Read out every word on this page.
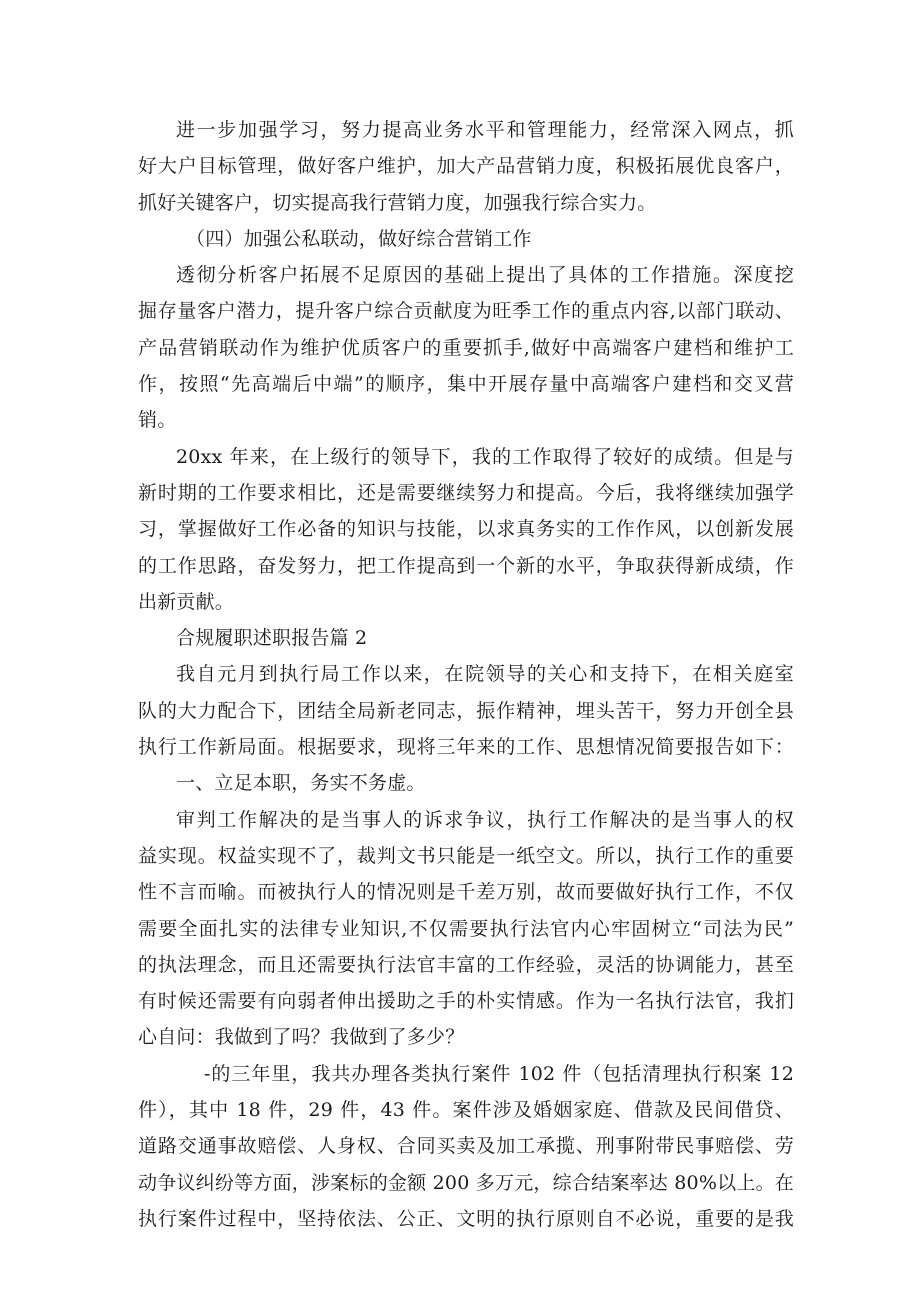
进一步加强学习，努力提高业务水平和管理能力，经常深入网点，抓
好大户目标管理，做好客户维护，加大产品营销力度，积极拓展优良客户，
抓好关键客户，切实提高我行营销力度，加强我行综合实力。
（四）加强公私联动，做好综合营销工作
透彻分析客户拓展不足原因的基础上提出了具体的工作措施。深度挖
掘存量客户潜力，提升客户综合贡献度为旺季工作的重点内容,以部门联动、
产品营销联动作为维护优质客户的重要抓手,做好中高端客户建档和维护工
作，按照“先高端后中端”的顺序，集中开展存量中高端客户建档和交叉营
销。
20xx 年来，在上级行的领导下，我的工作取得了较好的成绩。但是与
新时期的工作要求相比，还是需要继续努力和提高。今后，我将继续加强学
习，掌握做好工作必备的知识与技能，以求真务实的工作作风，以创新发展
的工作思路，奋发努力，把工作提高到一个新的水平，争取获得新成绩，作
出新贡献。
合规履职述职报告篇 2
我自元月到执行局工作以来，在院领导的关心和支持下，在相关庭室
队的大力配合下，团结全局新老同志，振作精神，埋头苦干，努力开创全县
执行工作新局面。根据要求，现将三年来的工作、思想情况简要报告如下：
一、立足本职，务实不务虚。
审判工作解决的是当事人的诉求争议，执行工作解决的是当事人的权
益实现。权益实现不了，裁判文书只能是一纸空文。所以，执行工作的重要
性不言而喻。而被执行人的情况则是千差万别，故而要做好执行工作，不仅
需要全面扎实的法律专业知识,不仅需要执行法官内心牢固树立“司法为民”
的执法理念，而且还需要执行法官丰富的工作经验，灵活的协调能力，甚至
有时候还需要有向弱者伸出援助之手的朴实情感。作为一名执行法官，我扪
心自问：我做到了吗？我做到了多少？
-的三年里，我共办理各类执行案件 102 件（包括清理执行积案 12
件），其中 18 件，29 件，43 件。案件涉及婚姻家庭、借款及民间借贷、
道路交通事故赔偿、人身权、合同买卖及加工承揽、刑事附带民事赔偿、劳
动争议纠纷等方面，涉案标的金额 200 多万元，综合结案率达 80%以上。在
执行案件过程中，坚持依法、公正、文明的执行原则自不必说，重要的是我
